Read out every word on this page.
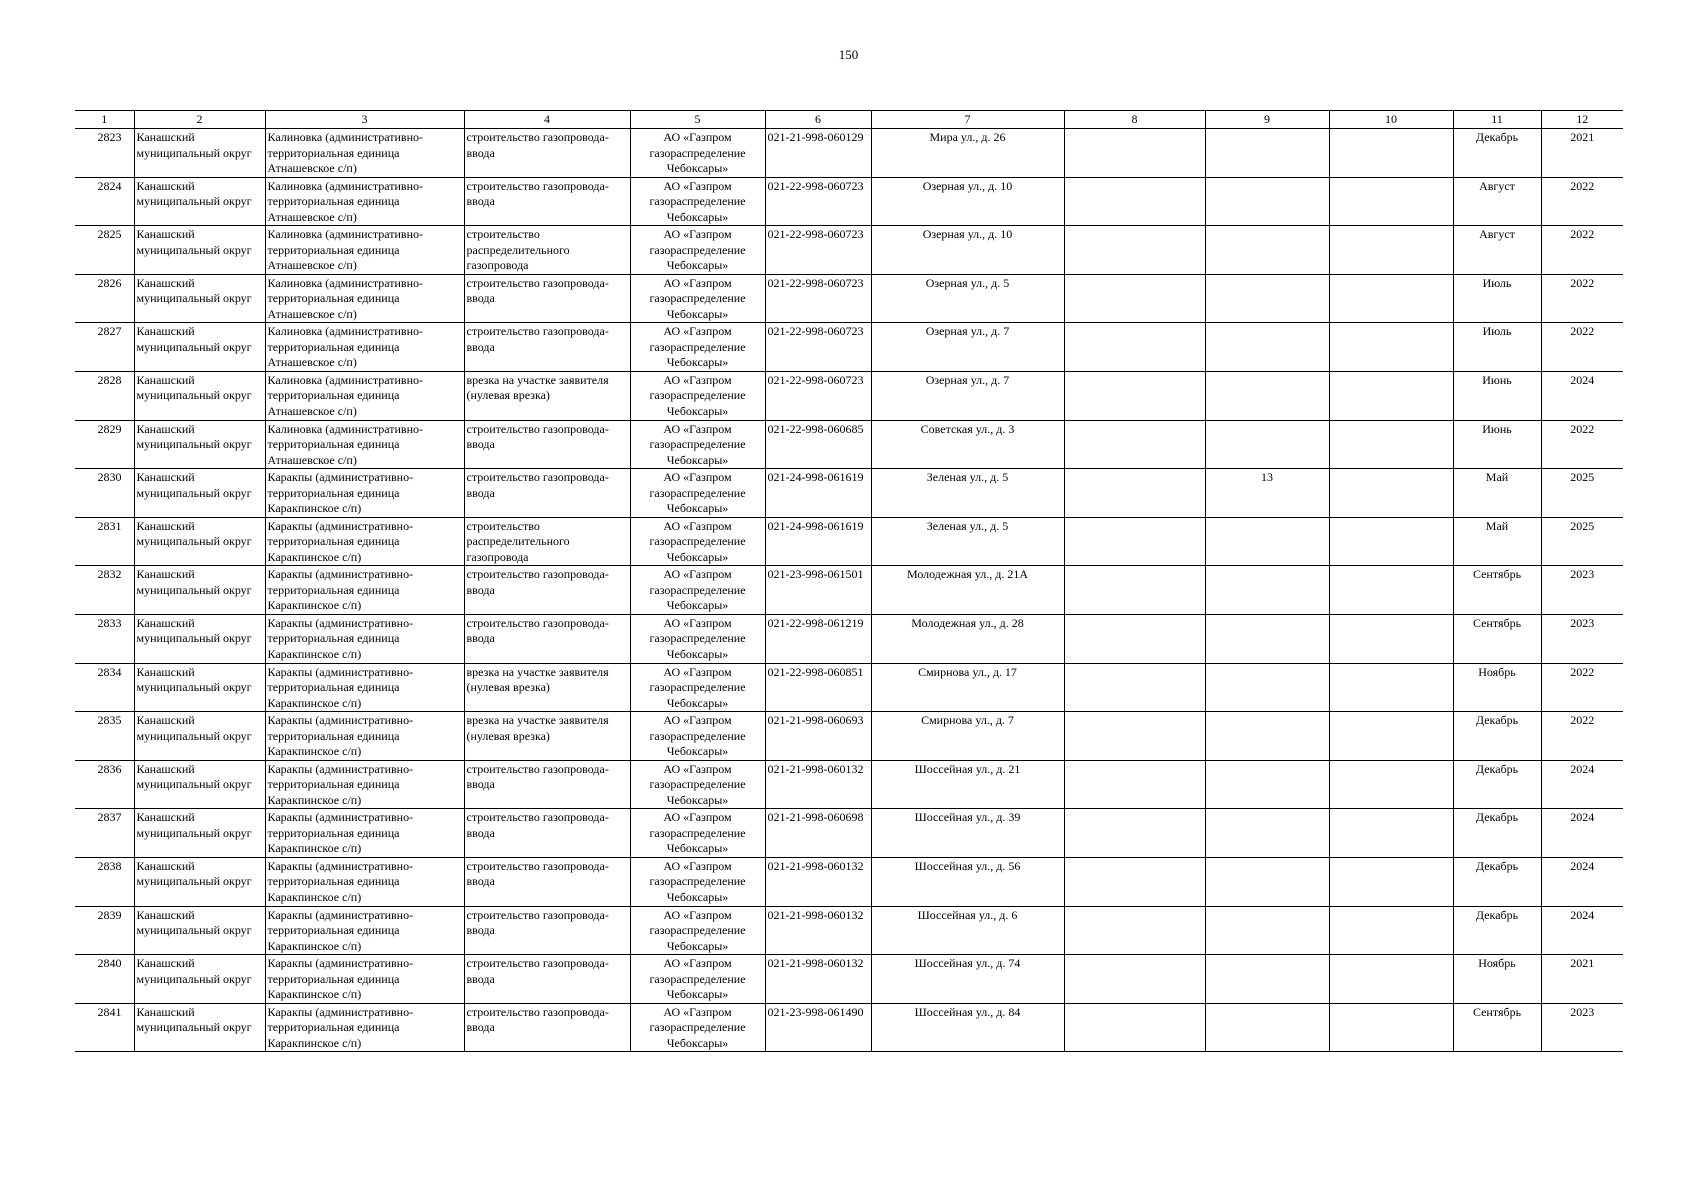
150
1	2	3	4	5	6	7	8	9	10	11	12
2823	Канашский муниципальный округ	Калиновка (административно-территориальная единица Атнашевское с/п)	строительство газопровода-ввода	АО «Газпром газораспределение Чебоксары»	021-21-998-060129	Мира ул., д. 26				Декабрь	2021
2824	Канашский муниципальный округ	Калиновка (административно-территориальная единица Атнашевское с/п)	строительство газопровода-ввода	АО «Газпром газораспределение Чебоксары»	021-22-998-060723	Озерная ул., д. 10				Август	2022
2825	Канашский муниципальный округ	Калиновка (административно-территориальная единица Атнашевское с/п)	строительство распределительного газопровода	АО «Газпром газораспределение Чебоксары»	021-22-998-060723	Озерная ул., д. 10				Август	2022
2826	Канашский муниципальный округ	Калиновка (административно-территориальная единица Атнашевское с/п)	строительство газопровода-ввода	АО «Газпром газораспределение Чебоксары»	021-22-998-060723	Озерная ул., д. 5				Июль	2022
2827	Канашский муниципальный округ	Калиновка (административно-территориальная единица Атнашевское с/п)	строительство газопровода-ввода	АО «Газпром газораспределение Чебоксары»	021-22-998-060723	Озерная ул., д. 7				Июль	2022
2828	Канашский муниципальный округ	Калиновка (административно-территориальная единица Атнашевское с/п)	врезка на участке заявителя (нулевая врезка)	АО «Газпром газораспределение Чебоксары»	021-22-998-060723	Озерная ул., д. 7				Июнь	2024
2829	Канашский муниципальный округ	Калиновка (административно-территориальная единица Атнашевское с/п)	строительство газопровода-ввода	АО «Газпром газораспределение Чебоксары»	021-22-998-060685	Советская ул., д. 3				Июнь	2022
2830	Канашский муниципальный округ	Каракпы (административно-территориальная единица Каракпинское с/п)	строительство газопровода-ввода	АО «Газпром газораспределение Чебоксары»	021-24-998-061619	Зеленая ул., д. 5		13		Май	2025
2831	Канашский муниципальный округ	Каракпы (административно-территориальная единица Каракпинское с/п)	строительство распределительного газопровода	АО «Газпром газораспределение Чебоксары»	021-24-998-061619	Зеленая ул., д. 5				Май	2025
2832	Канашский муниципальный округ	Каракпы (административно-территориальная единица Каракпинское с/п)	строительство газопровода-ввода	АО «Газпром газораспределение Чебоксары»	021-23-998-061501	Молодежная ул., д. 21А				Сентябрь	2023
2833	Канашский муниципальный округ	Каракпы (административно-территориальная единица Каракпинское с/п)	строительство газопровода-ввода	АО «Газпром газораспределение Чебоксары»	021-22-998-061219	Молодежная ул., д. 28				Сентябрь	2023
2834	Канашский муниципальный округ	Каракпы (административно-территориальная единица Каракпинское с/п)	врезка на участке заявителя (нулевая врезка)	АО «Газпром газораспределение Чебоксары»	021-22-998-060851	Смирнова ул., д. 17				Ноябрь	2022
2835	Канашский муниципальный округ	Каракпы (административно-территориальная единица Каракпинское с/п)	врезка на участке заявителя (нулевая врезка)	АО «Газпром газораспределение Чебоксары»	021-21-998-060693	Смирнова ул., д. 7				Декабрь	2022
2836	Канашский муниципальный округ	Каракпы (административно-территориальная единица Каракпинское с/п)	строительство газопровода-ввода	АО «Газпром газораспределение Чебоксары»	021-21-998-060132	Шоссейная ул., д. 21				Декабрь	2024
2837	Канашский муниципальный округ	Каракпы (административно-территориальная единица Каракпинское с/п)	строительство газопровода-ввода	АО «Газпром газораспределение Чебоксары»	021-21-998-060698	Шоссейная ул., д. 39				Декабрь	2024
2838	Канашский муниципальный округ	Каракпы (административно-территориальная единица Каракпинское с/п)	строительство газопровода-ввода	АО «Газпром газораспределение Чебоксары»	021-21-998-060132	Шоссейная ул., д. 56				Декабрь	2024
2839	Канашский муниципальный округ	Каракпы (административно-территориальная единица Каракпинское с/п)	строительство газопровода-ввода	АО «Газпром газораспределение Чебоксары»	021-21-998-060132	Шоссейная ул., д. 6				Декабрь	2024
2840	Канашский муниципальный округ	Каракпы (административно-территориальная единица Каракпинское с/п)	строительство газопровода-ввода	АО «Газпром газораспределение Чебоксары»	021-21-998-060132	Шоссейная ул., д. 74				Ноябрь	2021
2841	Канашский муниципальный округ	Каракпы (административно-территориальная единица Каракпинское с/п)	строительство газопровода-ввода	АО «Газпром газораспределение Чебоксары»	021-23-998-061490	Шоссейная ул., д. 84				Сентябрь	2023
